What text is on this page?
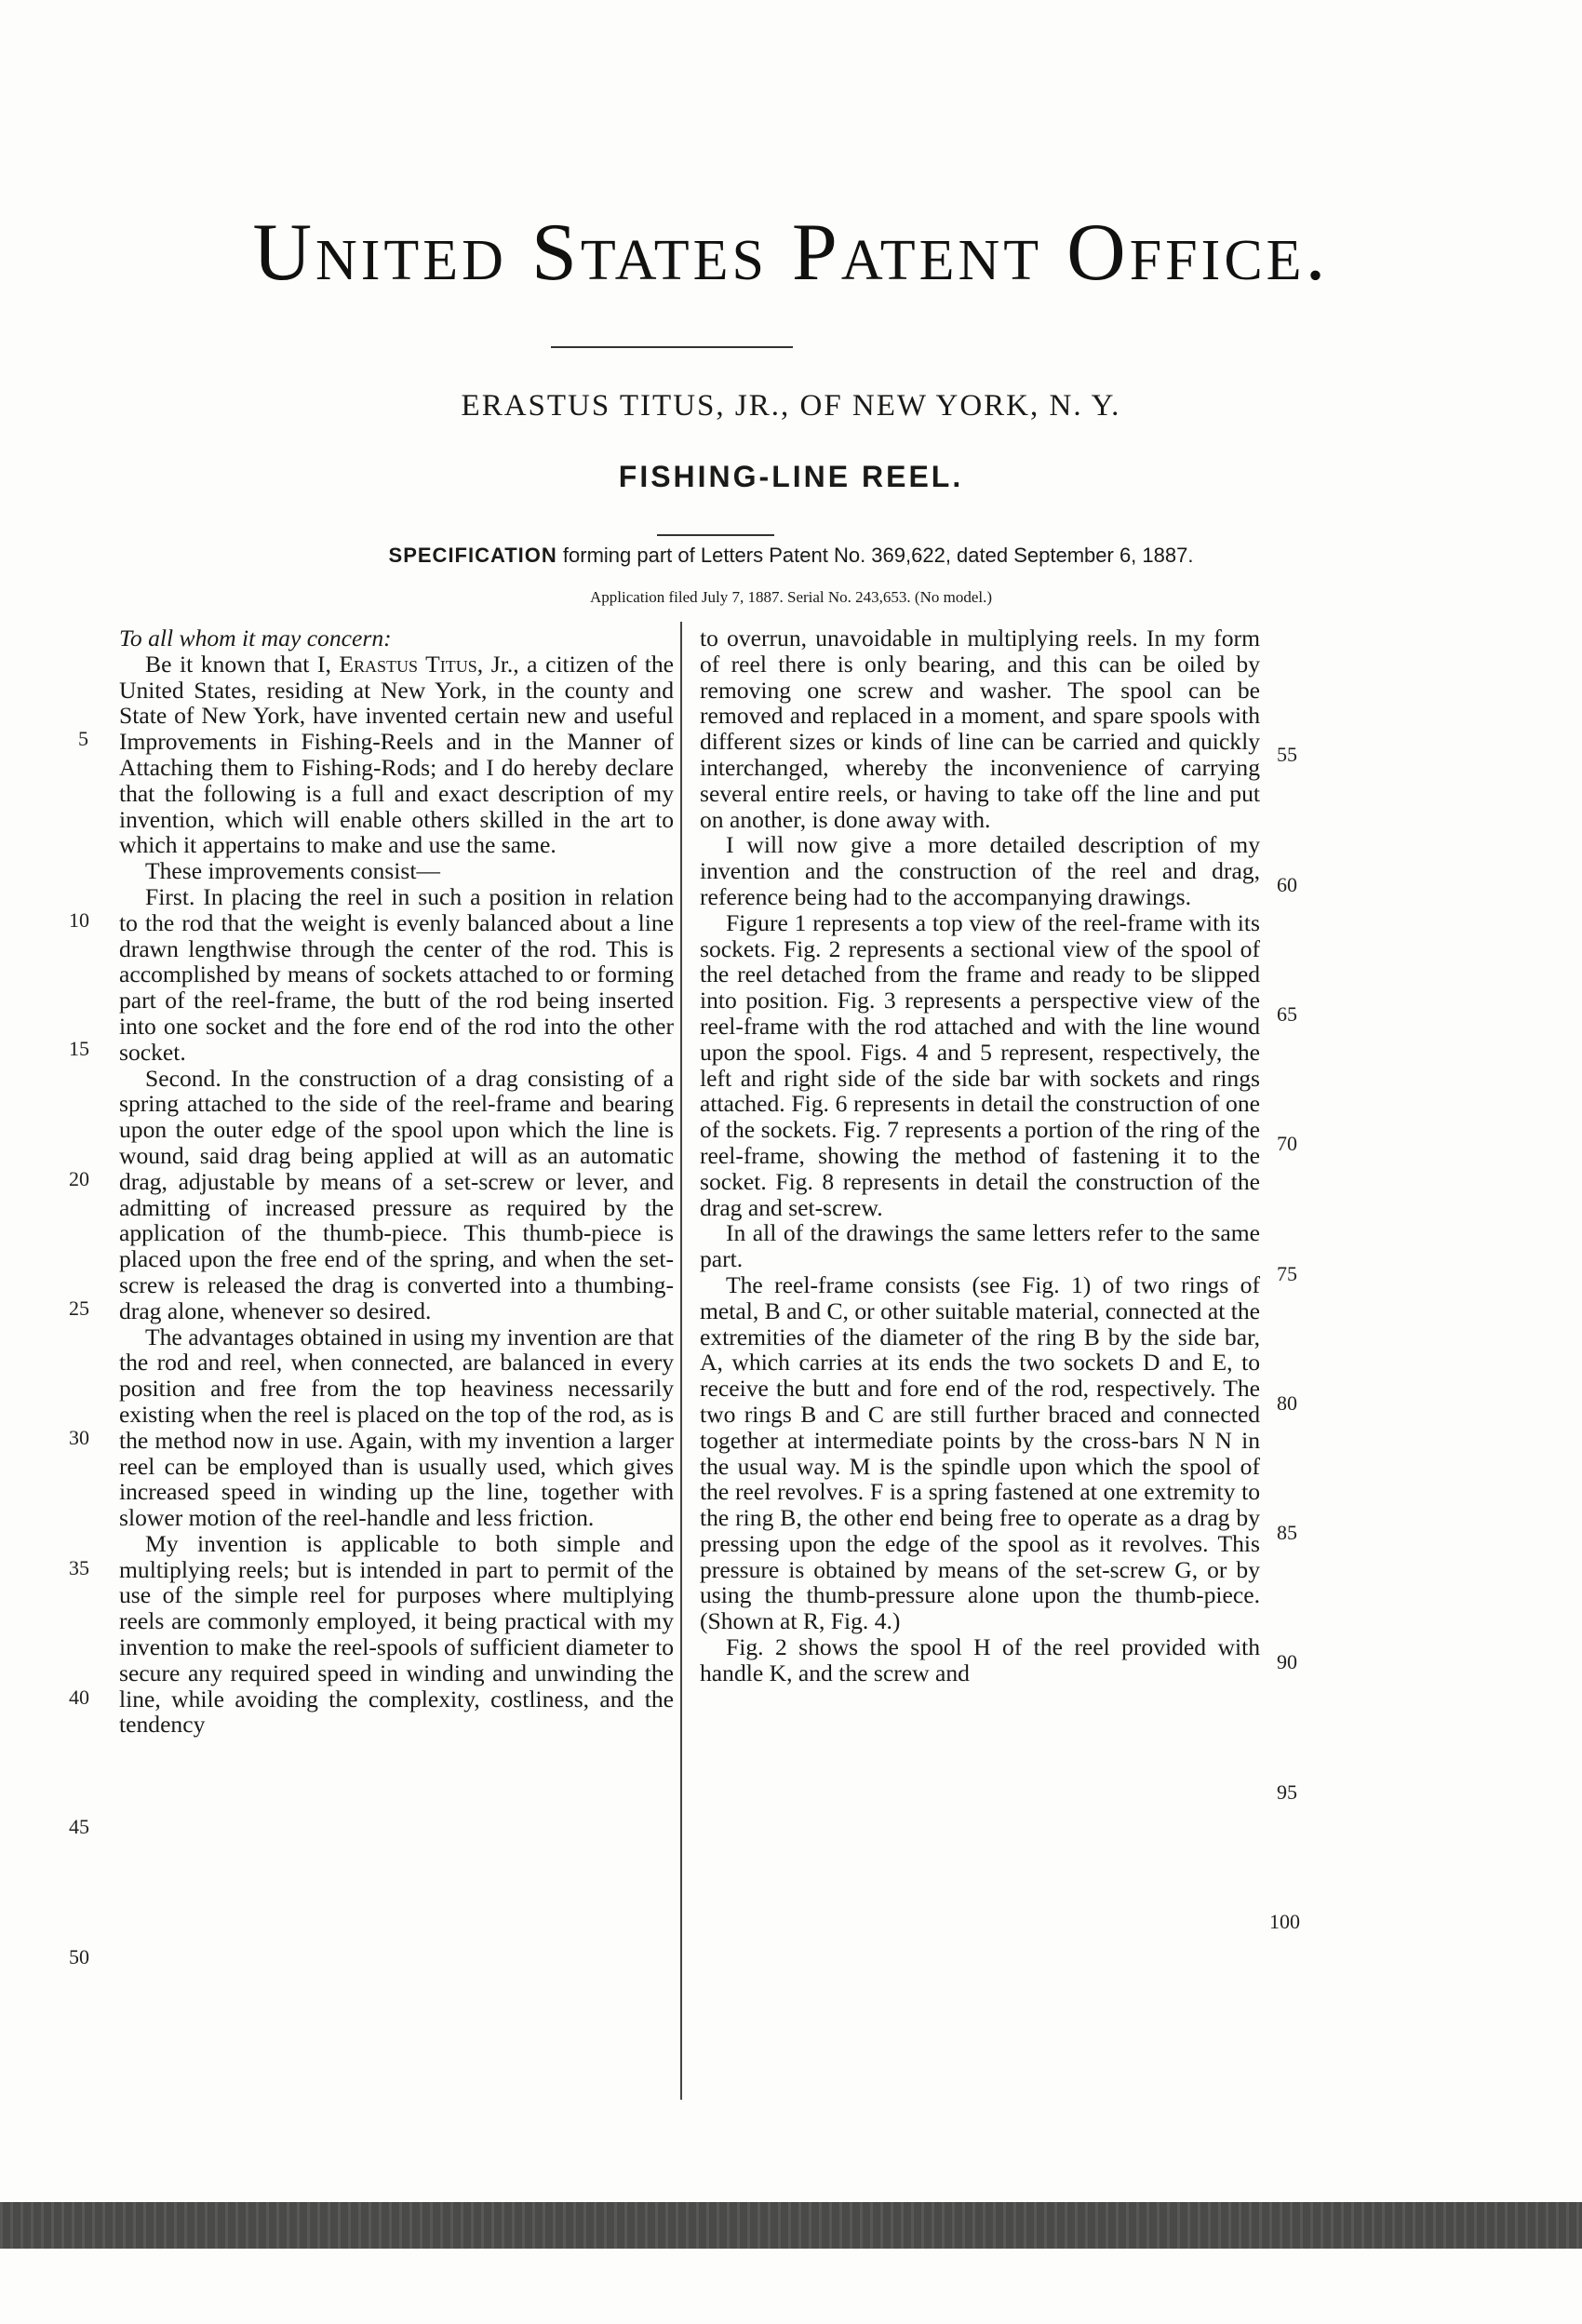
United States Patent Office.
ERASTUS TITUS, JR., OF NEW YORK, N. Y.
FISHING-LINE REEL.
SPECIFICATION forming part of Letters Patent No. 369,622, dated September 6, 1887.
Application filed July 7, 1887. Serial No. 243,653. (No model.)

To all whom it may concern:

Be it known that I, Erastus Titus, Jr., a citizen of the United States, residing at New York, in the county and State of New York, have invented certain new and useful Improvements in Fishing-Reels and in the Manner of Attaching them to Fishing-Rods; and I do hereby declare that the following is a full and exact description of my invention, which will enable others skilled in the art to which it appertains to make and use the same.

These improvements consist—

First. In placing the reel in such a position in relation to the rod that the weight is evenly balanced about a line drawn lengthwise through the center of the rod. This is accomplished by means of sockets attached to or forming part of the reel-frame, the butt of the rod being inserted into one socket and the fore end of the rod into the other socket.

Second. In the construction of a drag consisting of a spring attached to the side of the reel-frame and bearing upon the outer edge of the spool upon which the line is wound, said drag being applied at will as an automatic drag, adjustable by means of a set-screw or lever, and admitting of increased pressure as required by the application of the thumb-piece. This thumb-piece is placed upon the free end of the spring, and when the set-screw is released the drag is converted into a thumbing-drag alone, whenever so desired.

The advantages obtained in using my invention are that the rod and reel, when connected, are balanced in every position and free from the top heaviness necessarily existing when the reel is placed on the top of the rod, as is the method now in use. Again, with my invention a larger reel can be employed than is usually used, which gives increased speed in winding up the line, together with slower motion of the reel-handle and less friction.

My invention is applicable to both simple and multiplying reels; but is intended in part to permit of the use of the simple reel for purposes where multiplying reels are commonly employed, it being practical with my invention to make the reel-spools of sufficient diameter to secure any required speed in winding and unwinding the line, while avoiding the complexity, costliness, and the tendency

to overrun, unavoidable in multiplying reels. In my form of reel there is only bearing, and this can be oiled by removing one screw and washer. The spool can be removed and replaced in a moment, and spare spools with different sizes or kinds of line can be carried and quickly interchanged, whereby the inconvenience of carrying several entire reels, or having to take off the line and put on another, is done away with.

I will now give a more detailed description of my invention and the construction of the reel and drag, reference being had to the accompanying drawings.

Figure 1 represents a top view of the reel-frame with its sockets. Fig. 2 represents a sectional view of the spool of the reel detached from the frame and ready to be slipped into position. Fig. 3 represents a perspective view of the reel-frame with the rod attached and with the line wound upon the spool. Figs. 4 and 5 represent, respectively, the left and right side of the side bar with sockets and rings attached. Fig. 6 represents in detail the construction of one of the sockets. Fig. 7 represents a portion of the ring of the reel-frame, showing the method of fastening it to the socket. Fig. 8 represents in detail the construction of the drag and set-screw.

In all of the drawings the same letters refer to the same part.

The reel-frame consists (see Fig. 1) of two rings of metal, B and C, or other suitable material, connected at the extremities of the diameter of the ring B by the side bar, A, which carries at its ends the two sockets D and E, to receive the butt and fore end of the rod, respectively. The two rings B and C are still further braced and connected together at intermediate points by the cross-bars N N in the usual way. M is the spindle upon which the spool of the reel revolves. F is a spring fastened at one extremity to the ring B, the other end being free to operate as a drag by pressing upon the edge of the spool as it revolves. This pressure is obtained by means of the set-screw G, or by using the thumb-pressure alone upon the thumb-piece. (Shown at R, Fig. 4.)

Fig. 2 shows the spool H of the reel provided with handle K, and the screw and

5
10
15
20
25
30
35
40
45
50
55
60
65
70
75
80
85
90
95
100
